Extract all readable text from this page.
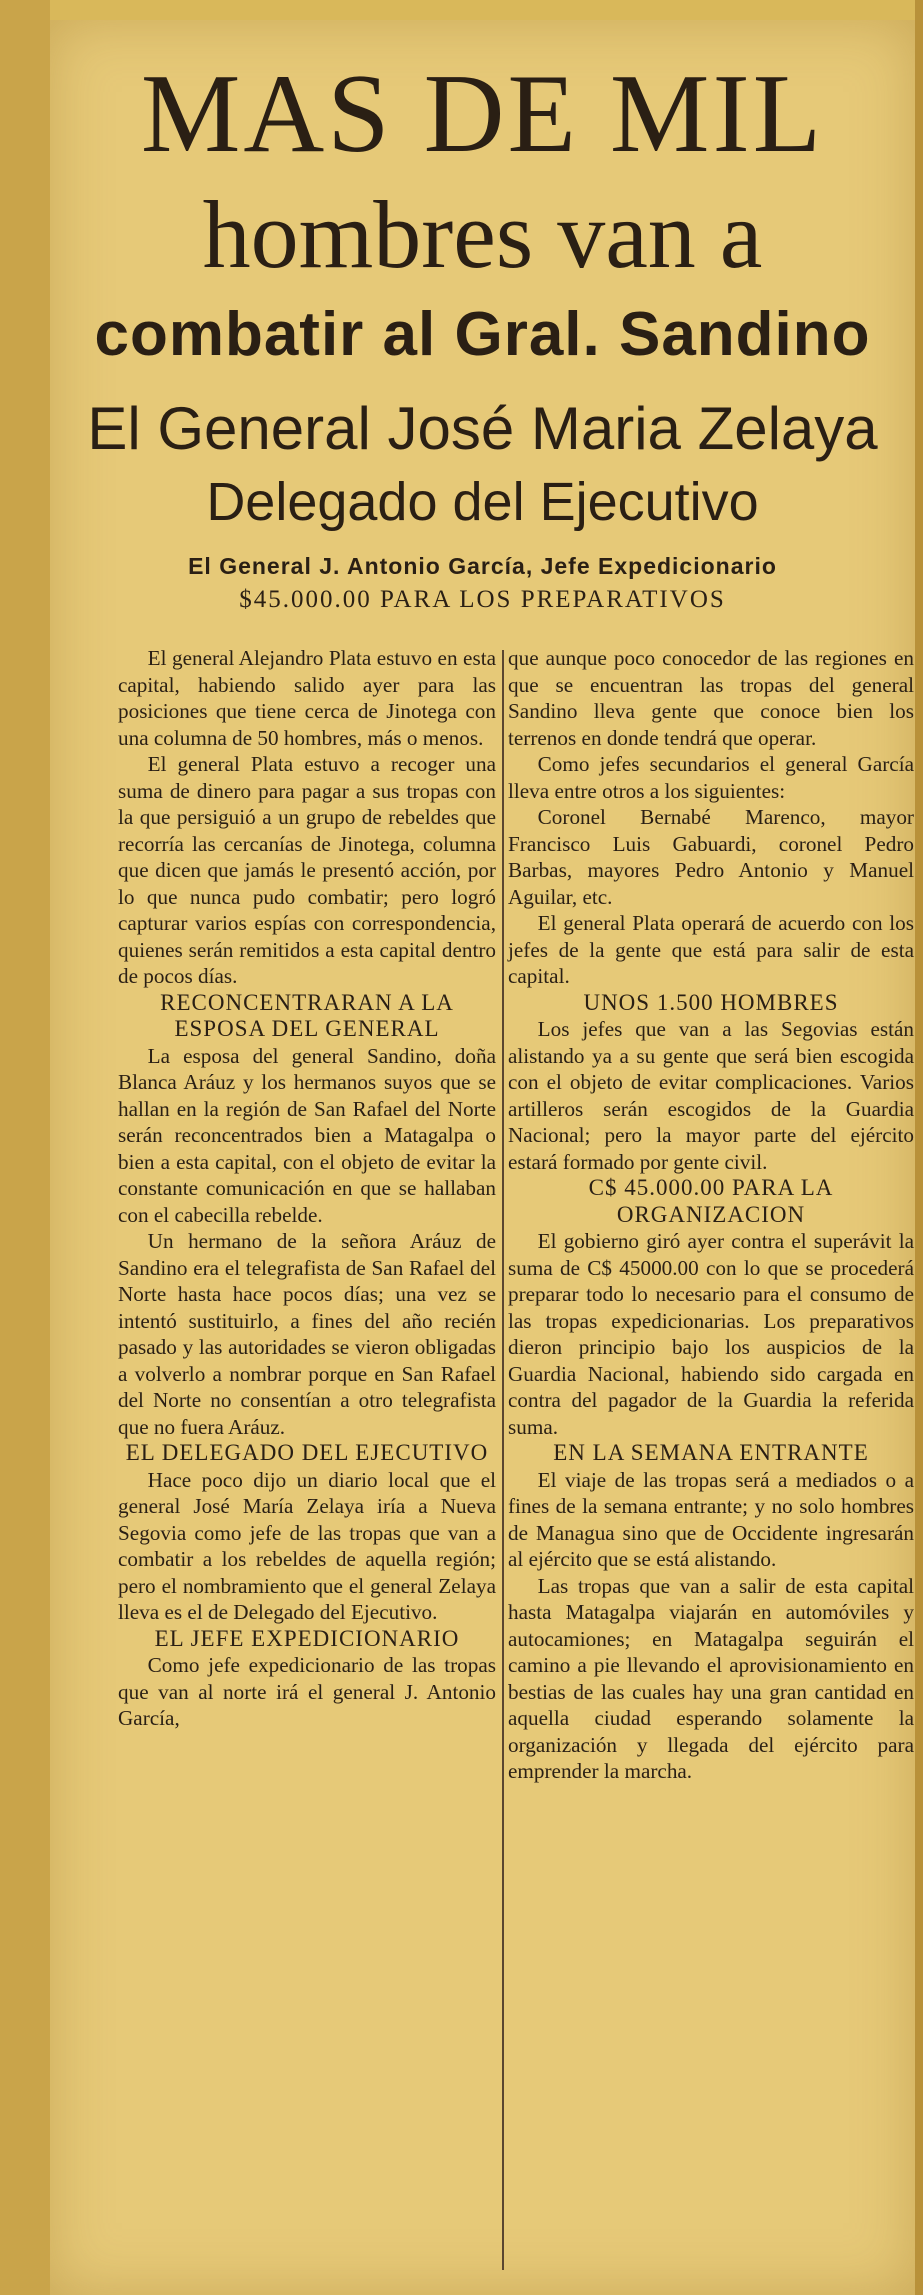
MAS DE MIL
hombres van a
combatir al Gral. Sandino
El General José Maria Zelaya
Delegado del Ejecutivo
El General J. Antonio García, Jefe Expedicionario
$45.000.00 PARA LOS PREPARATIVOS

El general Alejandro Plata estuvo en esta capital, habiendo salido ayer para las posiciones que tiene cerca de Jinotega con una columna de 50 hombres, más o menos.

El general Plata estuvo a recoger una suma de dinero para pagar a sus tropas con la que persiguió a un grupo de rebeldes que recorría las cercanías de Jinotega, columna que dicen que jamás le presentó acción, por lo que nunca pudo combatir; pero logró capturar varios espías con correspondencia, quienes serán remitidos a esta capital dentro de pocos días.

RECONCENTRARAN A LA ESPOSA DEL GENERAL

La esposa del general Sandino, doña Blanca Aráuz y los hermanos suyos que se hallan en la región de San Rafael del Norte serán reconcentrados bien a Matagalpa o bien a esta capital, con el objeto de evitar la constante comunicación en que se hallaban con el cabecilla rebelde.

Un hermano de la señora Aráuz de Sandino era el telegrafista de San Rafael del Norte hasta hace pocos días; una vez se intentó sustituirlo, a fines del año recién pasado y las autoridades se vieron obligadas a volverlo a nombrar porque en San Rafael del Norte no consentían a otro telegrafista que no fuera Aráuz.

EL DELEGADO DEL EJECUTIVO

Hace poco dijo un diario local que el general José María Zelaya iría a Nueva Segovia como jefe de las tropas que van a combatir a los rebeldes de aquella región; pero el nombramiento que el general Zelaya lleva es el de Delegado del Ejecutivo.

EL JEFE EXPEDICIONARIO

Como jefe expedicionario de las tropas que van al norte irá el general J. Antonio García,

que aunque poco conocedor de las regiones en que se encuentran las tropas del general Sandino lleva gente que conoce bien los terrenos en donde tendrá que operar.

Como jefes secundarios el general García lleva entre otros a los siguientes:

Coronel Bernabé Marenco, mayor Francisco Luis Gabuardi, coronel Pedro Barbas, mayores Pedro Antonio y Manuel Aguilar, etc.

El general Plata operará de acuerdo con los jefes de la gente que está para salir de esta capital.

UNOS 1.500 HOMBRES

Los jefes que van a las Segovias están alistando ya a su gente que será bien escogida con el objeto de evitar complicaciones. Varios artilleros serán escogidos de la Guardia Nacional; pero la mayor parte del ejército estará formado por gente civil.

C$ 45.000.00 PARA LA ORGANIZACION

El gobierno giró ayer contra el superávit la suma de C$ 45000.00 con lo que se procederá preparar todo lo necesario para el consumo de las tropas expedicionarias. Los preparativos dieron principio bajo los auspicios de la Guardia Nacional, habiendo sido cargada en contra del pagador de la Guardia la referida suma.

EN LA SEMANA ENTRANTE

El viaje de las tropas será a mediados o a fines de la semana entrante; y no solo hombres de Managua sino que de Occidente ingresarán al ejército que se está alistando.

Las tropas que van a salir de esta capital hasta Matagalpa viajarán en automóviles y autocamiones; en Matagalpa seguirán el camino a pie llevando el aprovisionamiento en bestias de las cuales hay una gran cantidad en aquella ciudad esperando solamente la organización y llegada del ejército para emprender la marcha.
